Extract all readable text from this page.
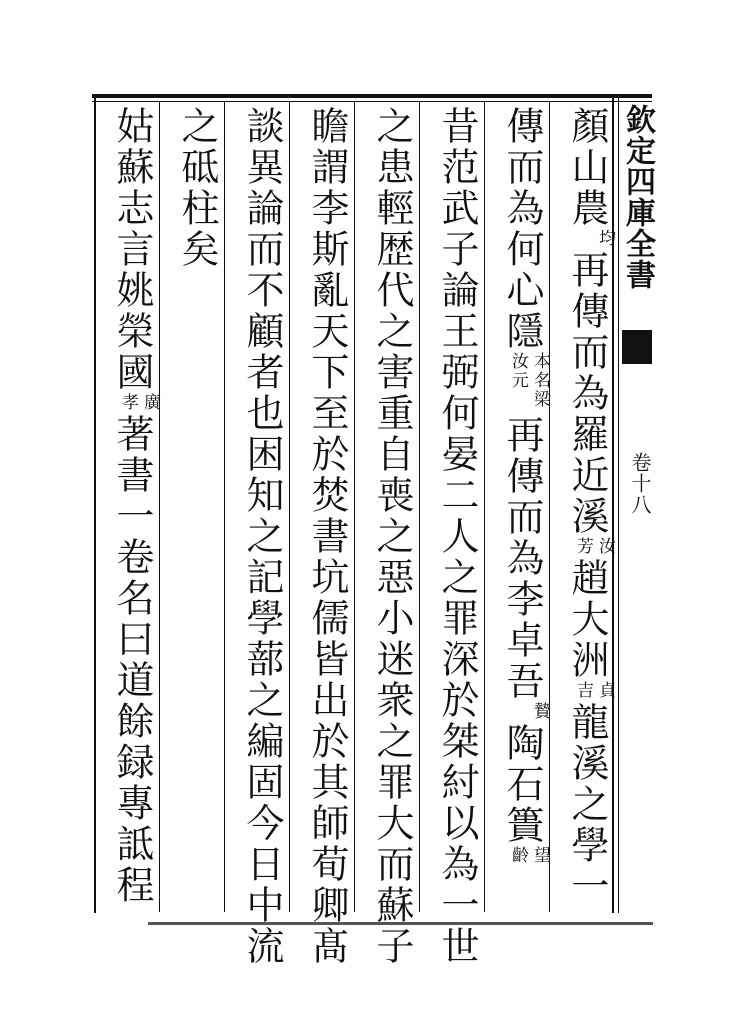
欽定四庫全書
卷十八
顏山農均再傳而為羅近溪汝芳趙大洲貞吉龍溪之學一
傳而為何心隱本名梁汝元再傳而為李卓吾贄陶石簣望齡
昔范武子論王弼何晏二人之罪深於桀紂以為一世
之患輕歴代之害重自喪之惡小迷衆之罪大而蘇子
瞻謂李斯亂天下至於焚書坑儒皆出於其師荀卿髙
談異論而不顧者也困知之記學蔀之編固今日中流
之砥柱矣
姑蘇志言姚榮國廣孝著書一卷名曰道餘録專詆程
